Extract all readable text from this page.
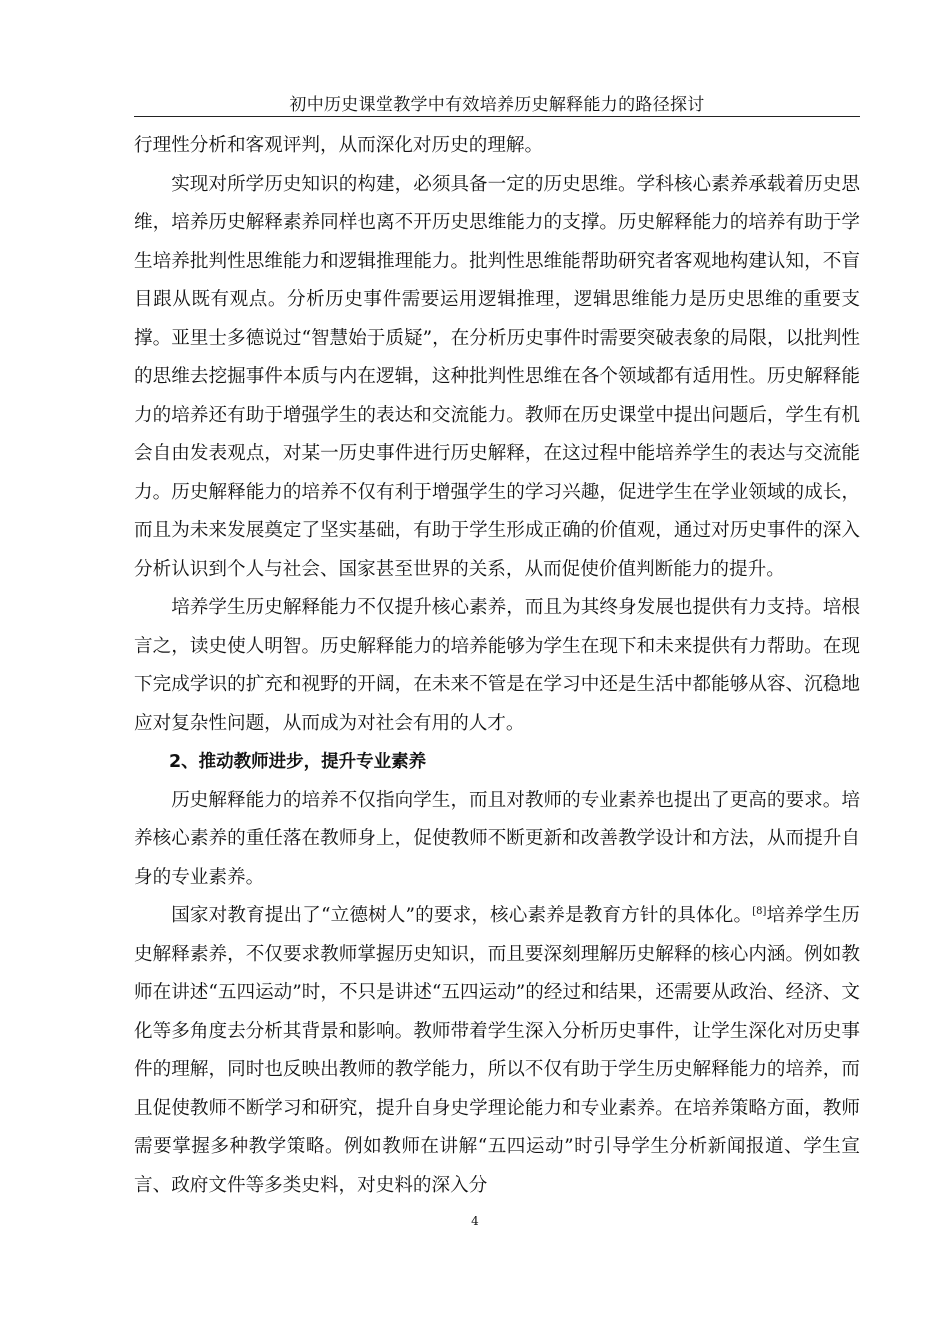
初中历史课堂教学中有效培养历史解释能力的路径探讨

行理性分析和客观评判，从而深化对历史的理解。

实现对所学历史知识的构建，必须具备一定的历史思维。学科核心素养承载着历史思维，培养历史解释素养同样也离不开历史思维能力的支撑。历史解释能力的培养有助于学生培养批判性思维能力和逻辑推理能力。批判性思维能帮助研究者客观地构建认知，不盲目跟从既有观点。分析历史事件需要运用逻辑推理，逻辑思维能力是历史思维的重要支撑。亚里士多德说过“智慧始于质疑”，在分析历史事件时需要突破表象的局限，以批判性的思维去挖掘事件本质与内在逻辑，这种批判性思维在各个领域都有适用性。历史解释能力的培养还有助于增强学生的表达和交流能力。教师在历史课堂中提出问题后，学生有机会自由发表观点，对某一历史事件进行历史解释，在这过程中能培养学生的表达与交流能力。历史解释能力的培养不仅有利于增强学生的学习兴趣，促进学生在学业领域的成长，而且为未来发展奠定了坚实基础，有助于学生形成正确的价值观，通过对历史事件的深入分析认识到个人与社会、国家甚至世界的关系，从而促使价值判断能力的提升。

培养学生历史解释能力不仅提升核心素养，而且为其终身发展也提供有力支持。培根言之，读史使人明智。历史解释能力的培养能够为学生在现下和未来提供有力帮助。在现下完成学识的扩充和视野的开阔，在未来不管是在学习中还是生活中都能够从容、沉稳地应对复杂性问题，从而成为对社会有用的人才。

2、推动教师进步，提升专业素养

历史解释能力的培养不仅指向学生，而且对教师的专业素养也提出了更高的要求。培养核心素养的重任落在教师身上，促使教师不断更新和改善教学设计和方法，从而提升自身的专业素养。

国家对教育提出了“立德树人”的要求，核心素养是教育方针的具体化。[8]培养学生历史解释素养，不仅要求教师掌握历史知识，而且要深刻理解历史解释的核心内涵。例如教师在讲述“五四运动”时，不只是讲述“五四运动”的经过和结果，还需要从政治、经济、文化等多角度去分析其背景和影响。教师带着学生深入分析历史事件，让学生深化对历史事件的理解，同时也反映出教师的教学能力，所以不仅有助于学生历史解释能力的培养，而且促使教师不断学习和研究，提升自身史学理论能力和专业素养。在培养策略方面，教师需要掌握多种教学策略。例如教师在讲解“五四运动”时引导学生分析新闻报道、学生宣言、政府文件等多类史料，对史料的深入分

4
